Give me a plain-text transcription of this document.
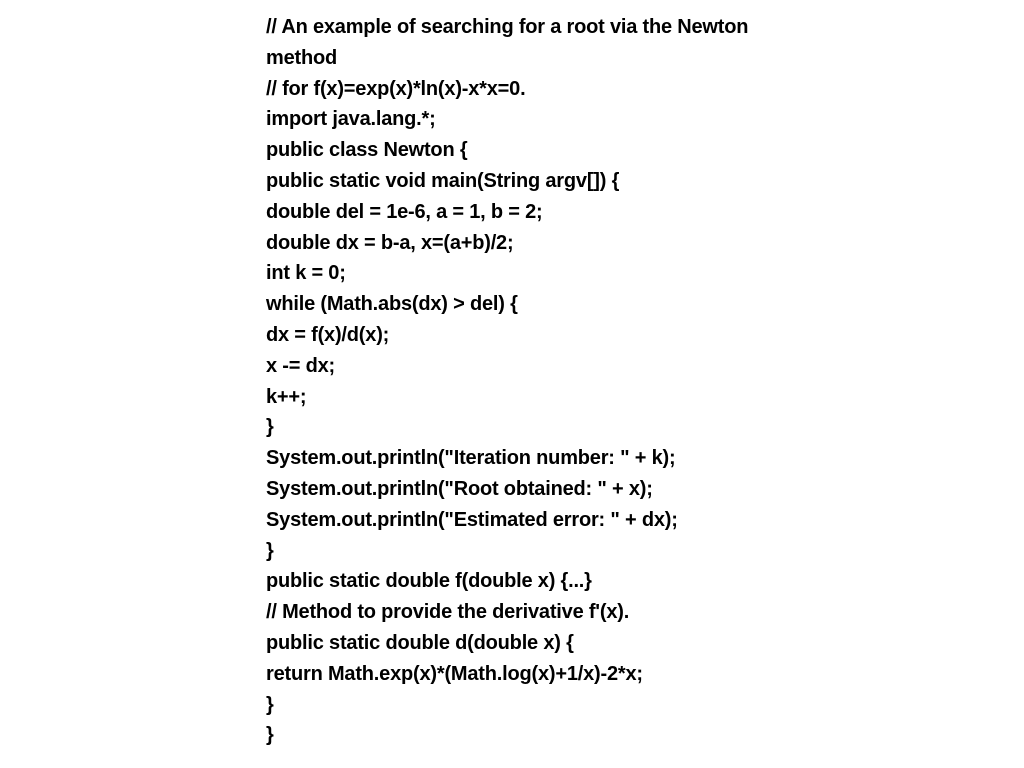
// An example of searching for a root via the Newton
method
// for f(x)=exp(x)*ln(x)-x*x=0.
import java.lang.*;
public class Newton {
public static void main(String argv[]) {
double del = 1e-6, a = 1, b = 2;
double dx = b-a, x=(a+b)/2;
int k = 0;
while (Math.abs(dx) > del) {
dx = f(x)/d(x);
x -= dx;
k++;
}
System.out.println("Iteration number: " + k);
System.out.println("Root obtained: " + x);
System.out.println("Estimated error: " + dx);
}
public static double f(double x) {...}
// Method to provide the derivative f'(x).
public static double d(double x) {
return Math.exp(x)*(Math.log(x)+1/x)-2*x;
}
}
